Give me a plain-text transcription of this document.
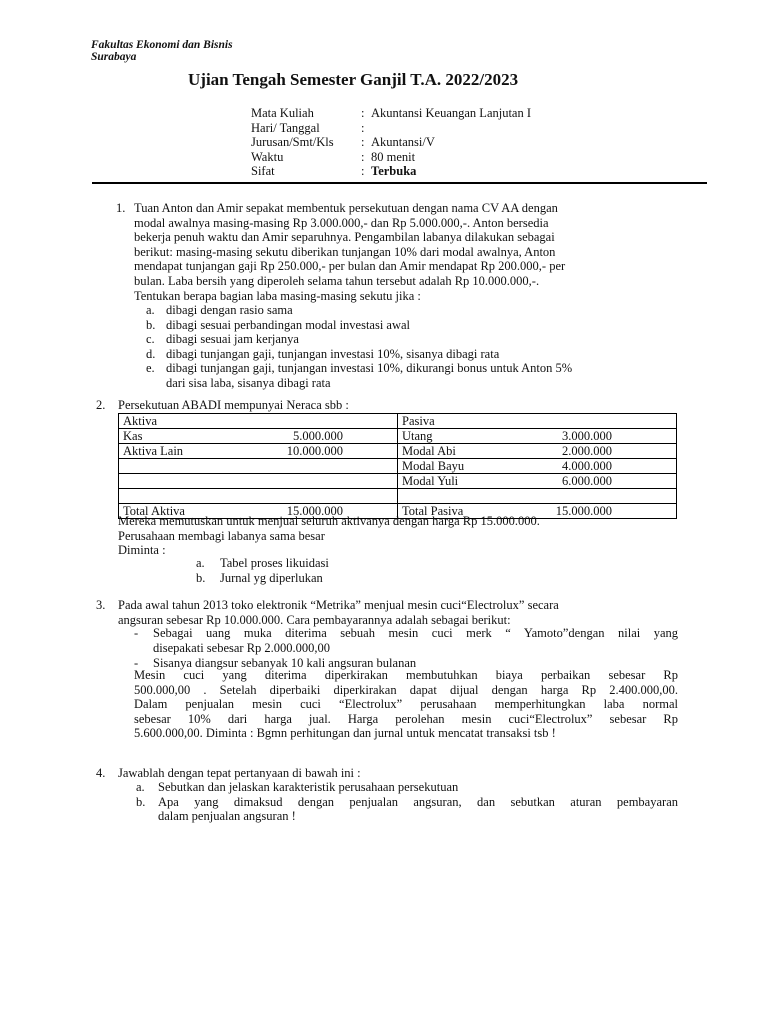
Fakultas Ekonomi dan Bisnis
Surabaya
Ujian Tengah Semester Ganjil T.A. 2022/2023
Mata Kuliah	: Akuntansi Keuangan Lanjutan I
Hari/ Tanggal	:
Jurusan/Smt/Kls	: Akuntansi/V
Waktu	: 80 menit
Sifat	: Terbuka
1. Tuan Anton dan Amir sepakat membentuk persekutuan dengan nama CV AA dengan

modal awalnya masing-masing Rp 3.000.000,- dan Rp 5.000.000,-. Anton bersedia

bekerja penuh waktu dan Amir separuhnya. Pengambilan labanya dilakukan sebagai

berikut: masing-masing sekutu diberikan tunjangan 10% dari modal awalnya, Anton

mendapat tunjangan gaji Rp 250.000,- per bulan dan Amir mendapat Rp 200.000,- per

bulan. Laba bersih yang diperoleh selama tahun tersebut adalah Rp 10.000.000,-.

Tentukan berapa bagian laba masing-masing sekutu jika :

a. dibagi dengan rasio sama
b. dibagi sesuai perbandingan modal investasi awal
c. dibagi sesuai jam kerjanya
d. dibagi tunjangan gaji, tunjangan investasi 10%, sisanya dibagi rata
e. dibagi tunjangan gaji, tunjangan investasi 10%, dikurangi bonus untuk Anton 5%
dari sisa laba, sisanya dibagi rata
2. Persekutuan ABADI mempunyai Neraca sbb :
Aktiva	Pasiva
Kas 5.000.000	Utang 3.000.000
Aktiva Lain 10.000.000	Modal Abi 2.000.000
	Modal Bayu 4.000.000
	Modal Yuli 6.000.000

Total Aktiva 15.000.000	Total Pasiva 15.000.000

Mereka memutuskan untuk menjual seluruh aktivanya dengan harga Rp 15.000.000.

Perusahaan membagi labanya sama besar

Diminta :

a. Tabel proses likuidasi
b. Jurnal yg diperlukan
3. Pada awal tahun 2013 toko elektronik “Metrika” menjual mesin cuci“Electrolux” secara

angsuran sebesar Rp 10.000.000. Cara pembayarannya adalah sebagai berikut:

-	Sebagai uang muka diterima sebuah mesin cuci merk “ Yamoto”dengan nilai yang

disepakati sebesar Rp 2.000.000,00

-	Sisanya diangsur sebanyak 10 kali angsuran bulanan

Mesin cuci yang diterima diperkirakan membutuhkan biaya perbaikan sebesar Rp

500.000,00 . Setelah diperbaiki diperkirakan dapat dijual dengan harga Rp 2.400.000,00.

Dalam penjualan mesin cuci “Electrolux” perusahaan memperhitungkan laba normal

sebesar 10% dari harga jual. Harga perolehan mesin cuci“Electrolux” sebesar Rp

5.600.000,00. Diminta : Bgmn perhitungan dan jurnal untuk mencatat transaksi tsb !

4. Jawablah dengan tepat pertanyaan di bawah ini :
a.	Sebutkan dan jelaskan karakteristik perusahaan persekutuan

b.	Apa yang dimaksud dengan penjualan angsuran, dan sebutkan aturan pembayaran

dalam penjualan angsuran !
